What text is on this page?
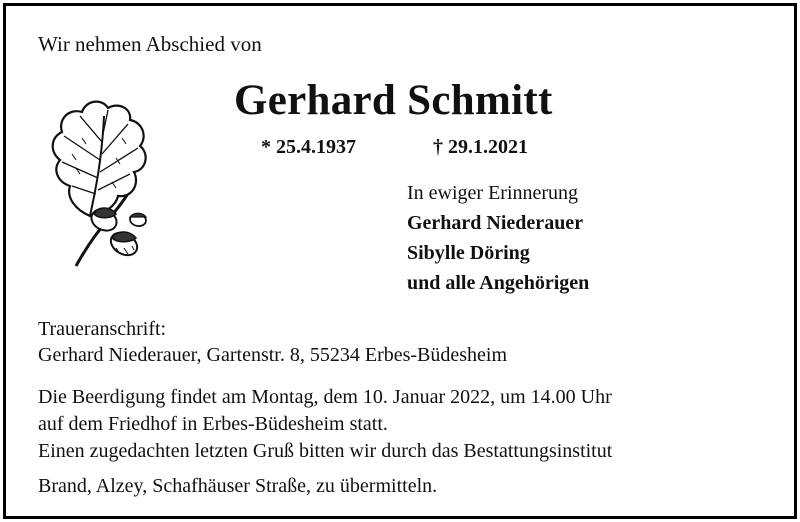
Wir nehmen Abschied von
Gerhard Schmitt
* 25.4.1937	† 29.1.2021
In ewiger Erinnerung
Gerhard Niederauer
Sibylle Döring
und alle Angehörigen
Traueranschrift:
Gerhard Niederauer, Gartenstr. 8, 55234 Erbes-Büdesheim
Die Beerdigung findet am Montag, dem 10. Januar 2022, um 14.00 Uhr
auf dem Friedhof in Erbes-Büdesheim statt.
Einen zugedachten letzten Gruß bitten wir durch das Bestattungsinstitut
Brand, Alzey, Schafhäuser Straße, zu übermitteln.
